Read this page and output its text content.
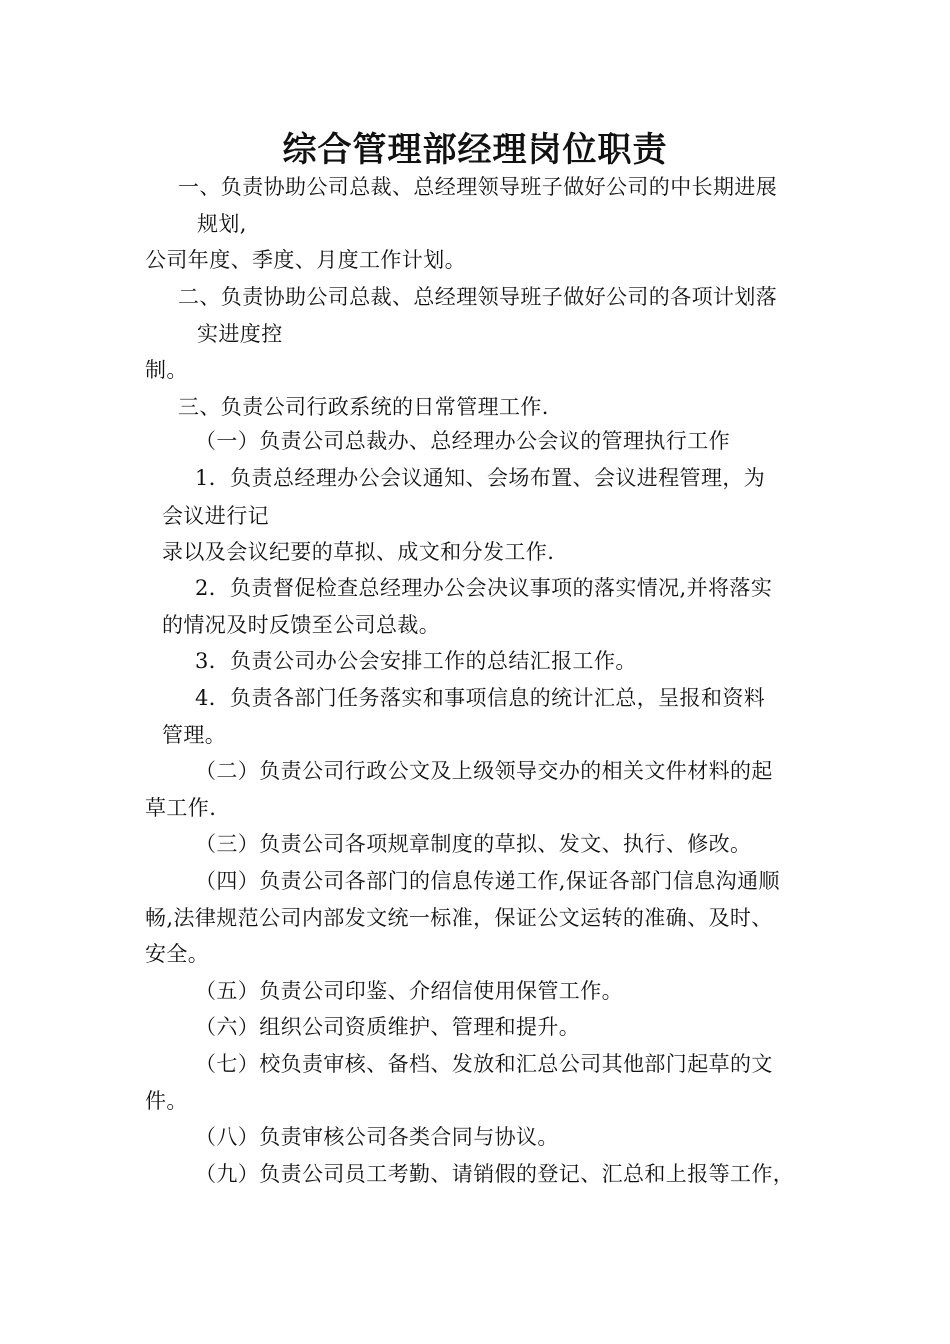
综合管理部经理岗位职责
一、负责协助公司总裁、总经理领导班子做好公司的中长期进展
规划,
公司年度、季度、月度工作计划。
二、负责协助公司总裁、总经理领导班子做好公司的各项计划落
实进度控
制。
三、负责公司行政系统的日常管理工作.
（一）负责公司总裁办、总经理办公会议的管理执行工作
1．负责总经理办公会议通知、会场布置、会议进程管理，为
会议进行记
录以及会议纪要的草拟、成文和分发工作.
2．负责督促检查总经理办公会决议事项的落实情况,并将落实
的情况及时反馈至公司总裁。
3．负责公司办公会安排工作的总结汇报工作。
4．负责各部门任务落实和事项信息的统计汇总，呈报和资料
管理。
（二）负责公司行政公文及上级领导交办的相关文件材料的起
草工作.
（三）负责公司各项规章制度的草拟、发文、执行、修改。
（四）负责公司各部门的信息传递工作,保证各部门信息沟通顺
畅,法律规范公司内部发文统一标准，保证公文运转的准确、及时、
安全。
（五）负责公司印鉴、介绍信使用保管工作。
（六）组织公司资质维护、管理和提升。
（七）校负责审核、备档、发放和汇总公司其他部门起草的文
件。
（八）负责审核公司各类合同与协议。
（九）负责公司员工考勤、请销假的登记、汇总和上报等工作，
